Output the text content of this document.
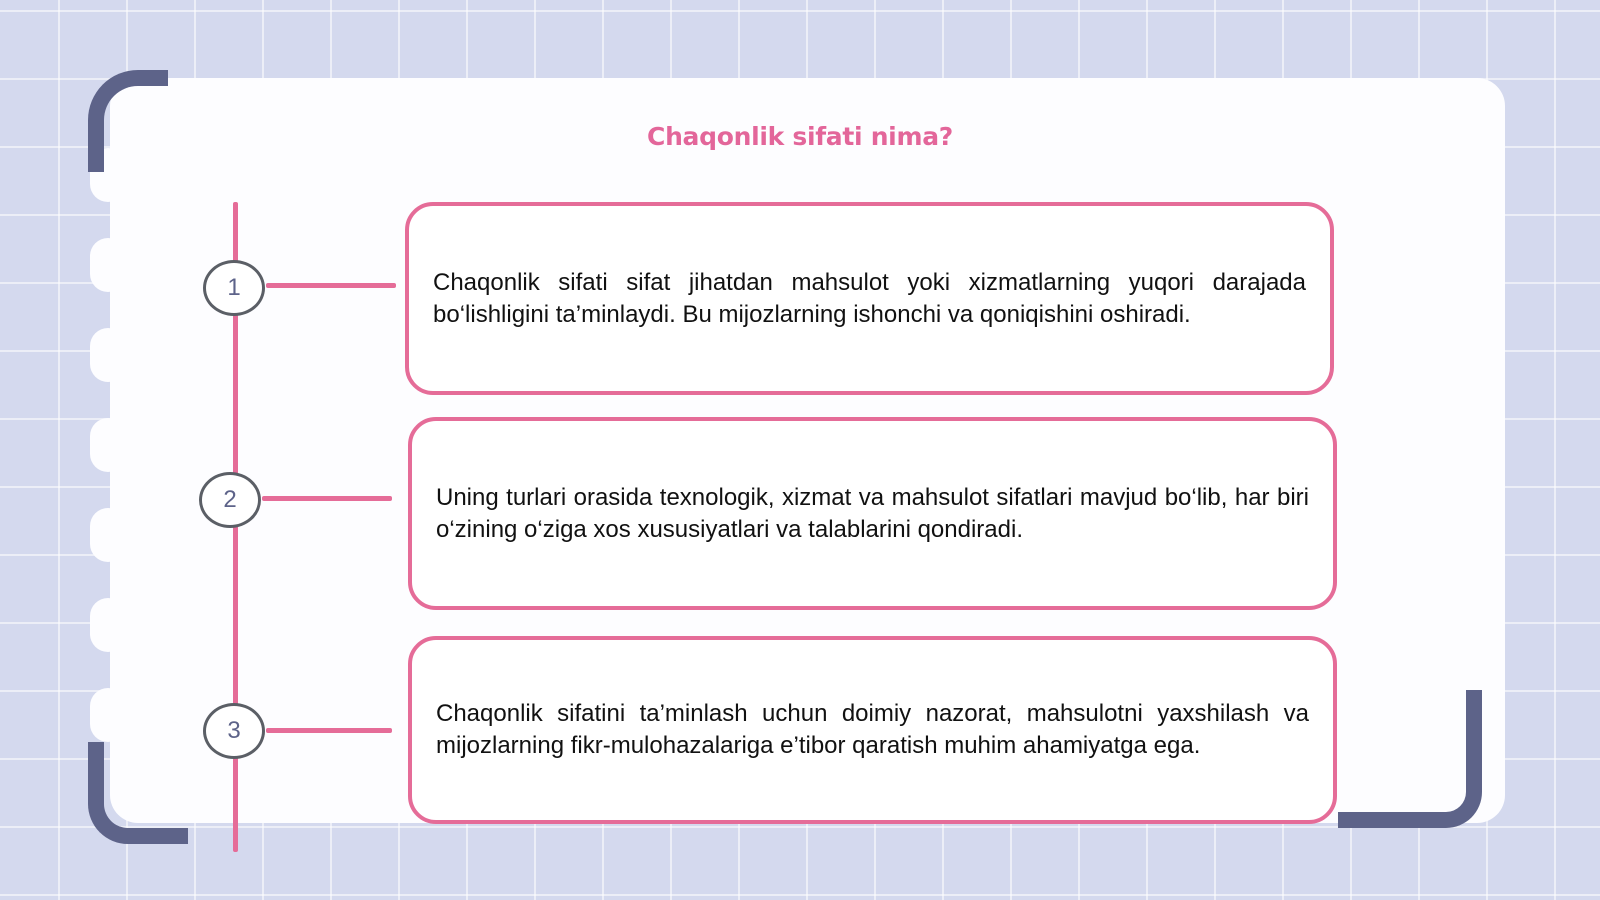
Chaqonlik sifati nima?
1
2
3

Chaqonlik sifati sifat jihatdan mahsulot yoki xizmatlarning yuqori darajada bo‘lishligini ta’minlaydi. Bu mijozlarning ishonchi va qoniqishini oshiradi.

Uning turlari orasida texnologik, xizmat va mahsulot sifatlari mavjud bo‘lib, har biri o‘zining o‘ziga xos xususiyatlari va talablarini qondiradi.

Chaqonlik sifatini ta’minlash uchun doimiy nazorat, mahsulotni yaxshilash va mijozlarning fikr-mulohazalariga e’tibor qaratish muhim ahamiyatga ega.
